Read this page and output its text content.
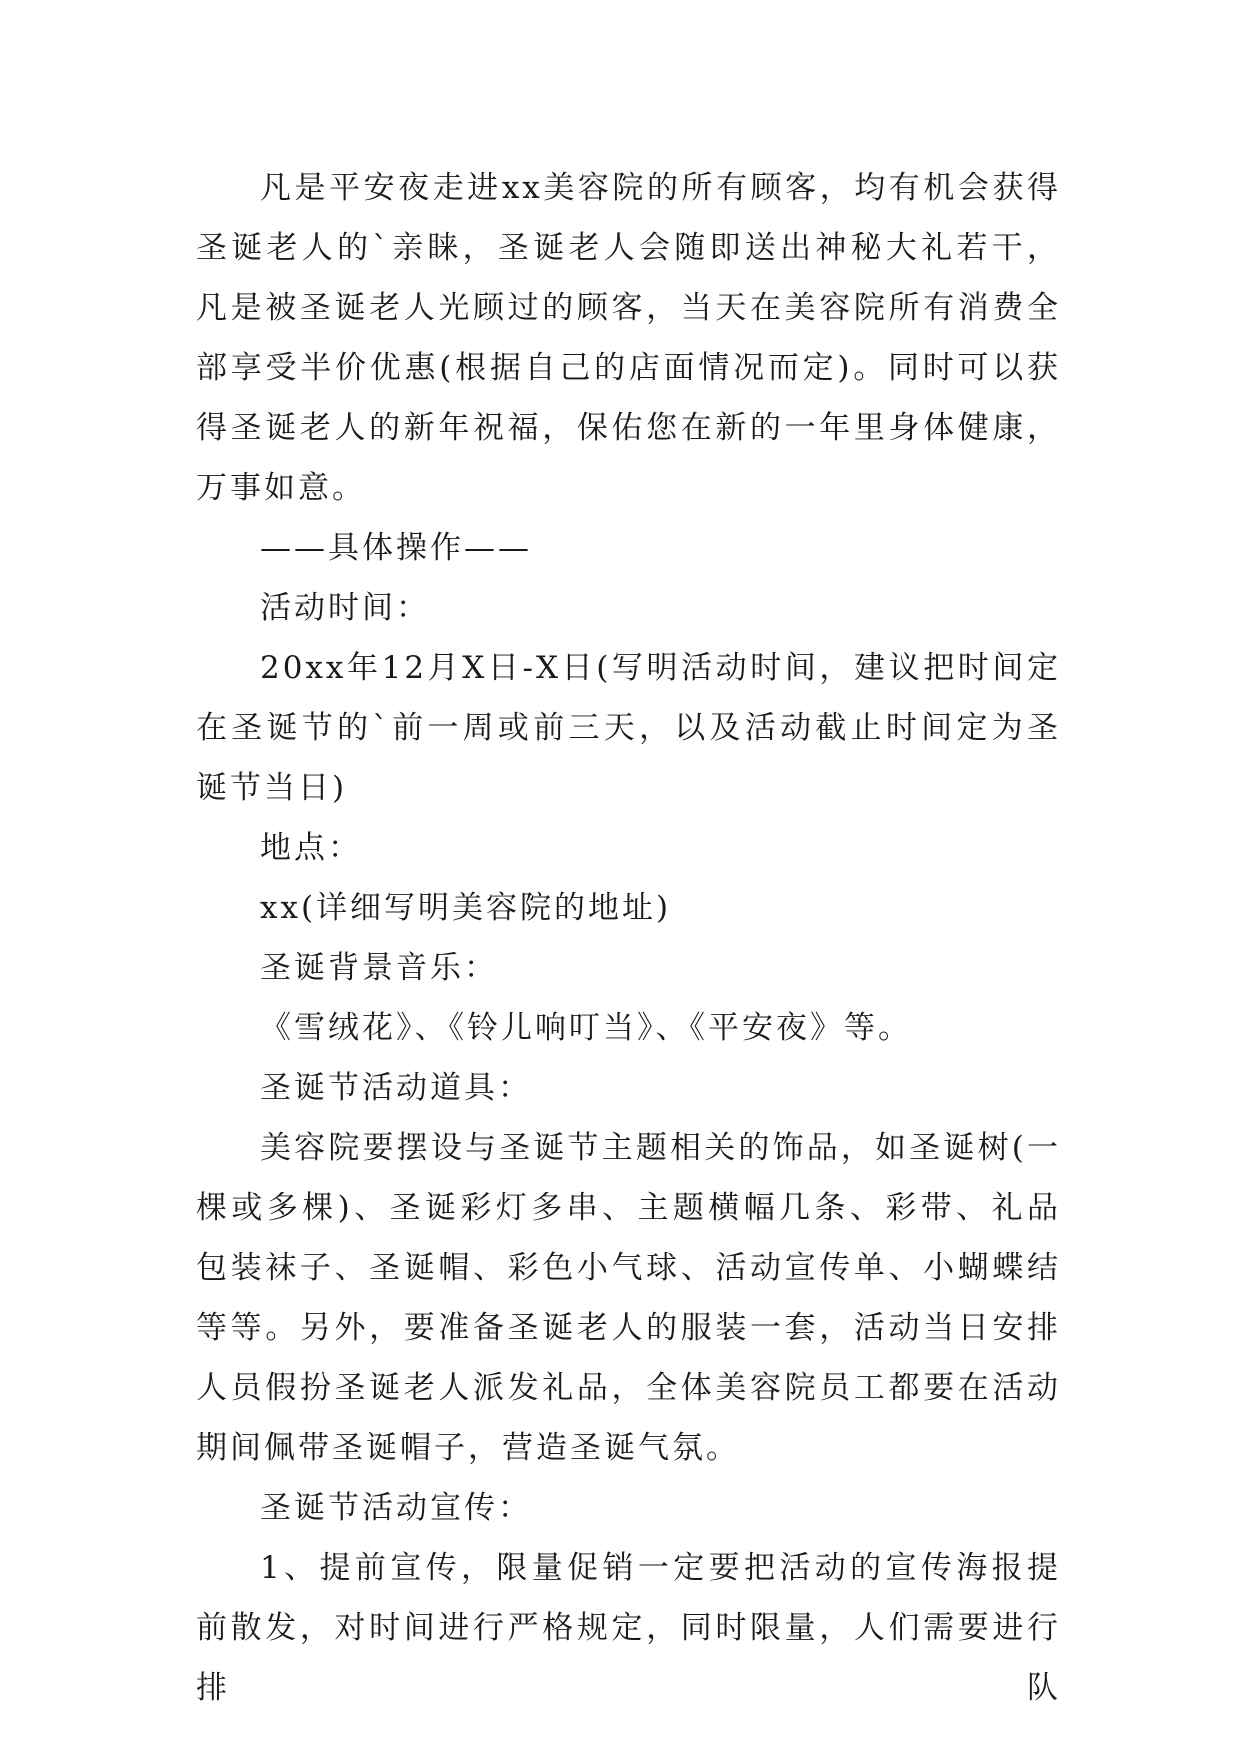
凡是平安夜走进xx美容院的所有顾客，均有机会获得圣诞老人的`亲睐，圣诞老人会随即送出神秘大礼若干，凡是被圣诞老人光顾过的顾客，当天在美容院所有消费全部享受半价优惠(根据自己的店面情况而定)。同时可以获得圣诞老人的新年祝福，保佑您在新的一年里身体健康，万事如意。

——具体操作——

活动时间：

20xx年12月X日-X日(写明活动时间，建议把时间定在圣诞节的`前一周或前三天，以及活动截止时间定为圣诞节当日)

地点：

xx(详细写明美容院的地址)

圣诞背景音乐：

《雪绒花》、《铃儿响叮当》、《平安夜》等。

圣诞节活动道具：

美容院要摆设与圣诞节主题相关的饰品，如圣诞树(一棵或多棵)、圣诞彩灯多串、主题横幅几条、彩带、礼品包装袜子、圣诞帽、彩色小气球、活动宣传单、小蝴蝶结等等。另外，要准备圣诞老人的服装一套，活动当日安排人员假扮圣诞老人派发礼品，全体美容院员工都要在活动期间佩带圣诞帽子，营造圣诞气氛。

圣诞节活动宣传：

1、提前宣传，限量促销一定要把活动的宣传海报提前散发，对时间进行严格规定，同时限量，人们需要进行排队
